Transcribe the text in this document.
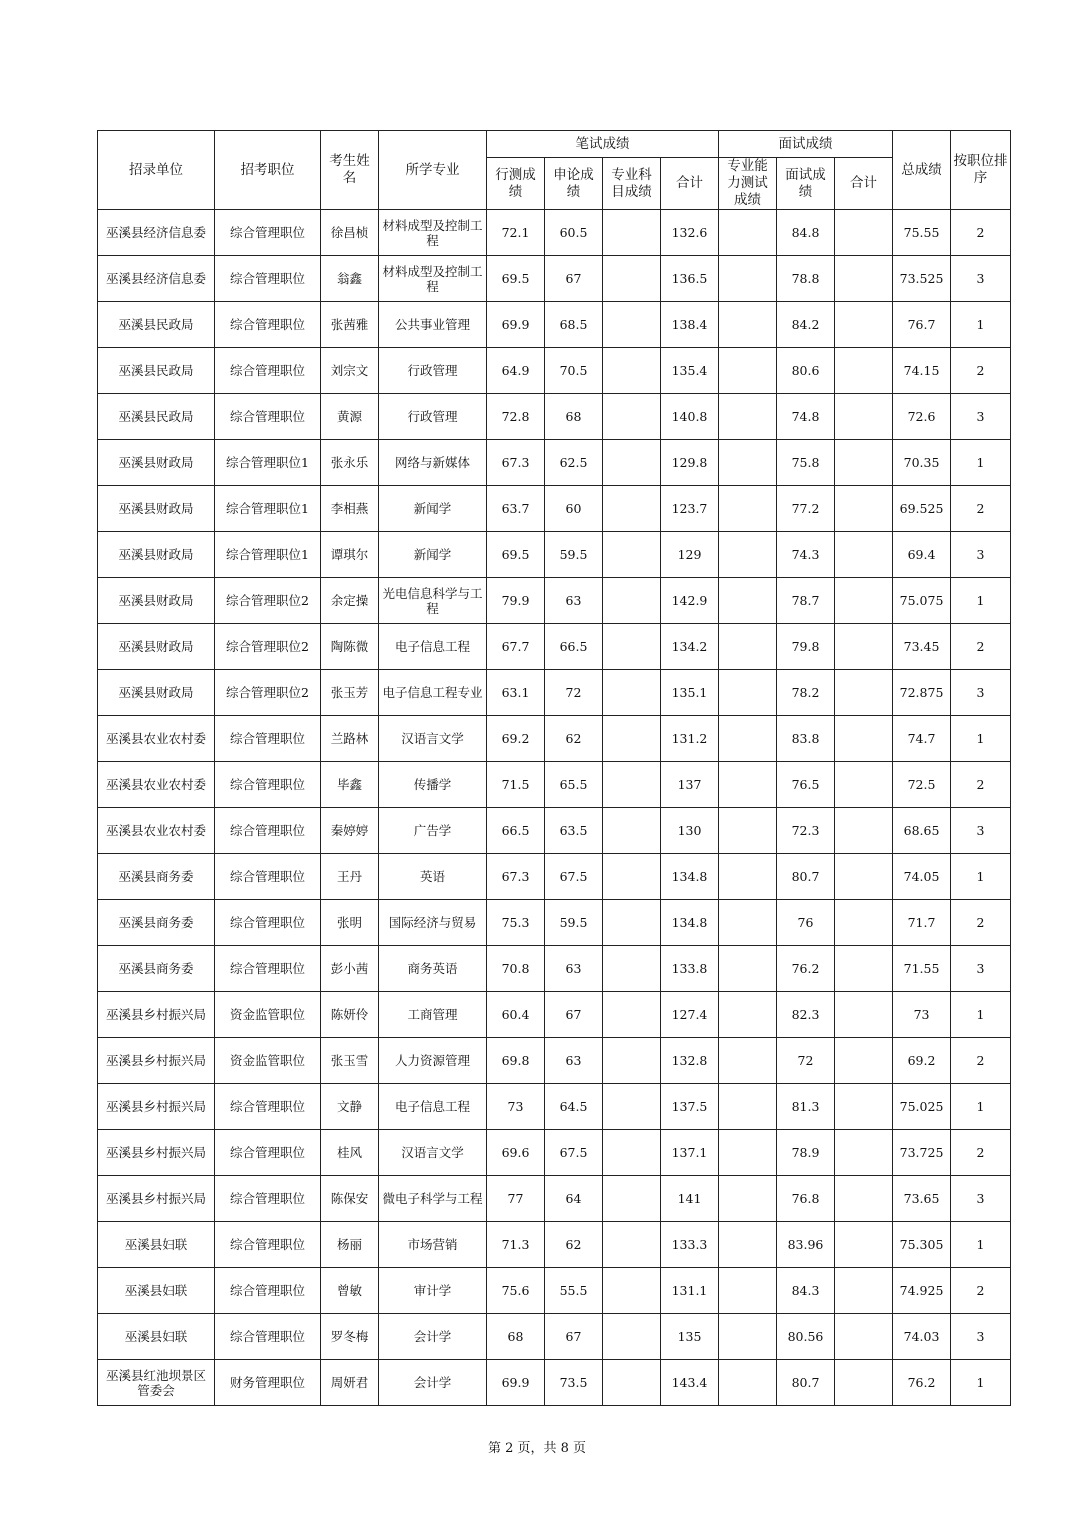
招录单位	招考职位	考生姓名	所学专业	笔试成绩				面试成绩			总成绩	按职位排序
				行测成绩	申论成绩	专业科目成绩	合计	专业能力测试成绩	面试成绩	合计		
巫溪县经济信息委	综合管理职位	徐昌桢	材料成型及控制工程	72.1	60.5		132.6		84.8		75.55	2
巫溪县经济信息委	综合管理职位	翁鑫	材料成型及控制工程	69.5	67		136.5		78.8		73.525	3
巫溪县民政局	综合管理职位	张茜雅	公共事业管理	69.9	68.5		138.4		84.2		76.7	1
巫溪县民政局	综合管理职位	刘宗文	行政管理	64.9	70.5		135.4		80.6		74.15	2
巫溪县民政局	综合管理职位	黄源	行政管理	72.8	68		140.8		74.8		72.6	3
巫溪县财政局	综合管理职位1	张永乐	网络与新媒体	67.3	62.5		129.8		75.8		70.35	1
巫溪县财政局	综合管理职位1	李相燕	新闻学	63.7	60		123.7		77.2		69.525	2
巫溪县财政局	综合管理职位1	谭琪尔	新闻学	69.5	59.5		129		74.3		69.4	3
巫溪县财政局	综合管理职位2	余定操	光电信息科学与工程	79.9	63		142.9		78.7		75.075	1
巫溪县财政局	综合管理职位2	陶陈微	电子信息工程	67.7	66.5		134.2		79.8		73.45	2
巫溪县财政局	综合管理职位2	张玉芳	电子信息工程专业	63.1	72		135.1		78.2		72.875	3
巫溪县农业农村委	综合管理职位	兰路林	汉语言文学	69.2	62		131.2		83.8		74.7	1
巫溪县农业农村委	综合管理职位	毕鑫	传播学	71.5	65.5		137		76.5		72.5	2
巫溪县农业农村委	综合管理职位	秦婷婷	广告学	66.5	63.5		130		72.3		68.65	3
巫溪县商务委	综合管理职位	王丹	英语	67.3	67.5		134.8		80.7		74.05	1
巫溪县商务委	综合管理职位	张明	国际经济与贸易	75.3	59.5		134.8		76		71.7	2
巫溪县商务委	综合管理职位	彭小茜	商务英语	70.8	63		133.8		76.2		71.55	3
巫溪县乡村振兴局	资金监管职位	陈妍伶	工商管理	60.4	67		127.4		82.3		73	1
巫溪县乡村振兴局	资金监管职位	张玉雪	人力资源管理	69.8	63		132.8		72		69.2	2
巫溪县乡村振兴局	综合管理职位	文静	电子信息工程	73	64.5		137.5		81.3		75.025	1
巫溪县乡村振兴局	综合管理职位	桂风	汉语言文学	69.6	67.5		137.1		78.9		73.725	2
巫溪县乡村振兴局	综合管理职位	陈保安	微电子科学与工程	77	64		141		76.8		73.65	3
巫溪县妇联	综合管理职位	杨丽	市场营销	71.3	62		133.3		83.96		75.305	1
巫溪县妇联	综合管理职位	曾敏	审计学	75.6	55.5		131.1		84.3		74.925	2
巫溪县妇联	综合管理职位	罗冬梅	会计学	68	67		135		80.56		74.03	3
巫溪县红池坝景区管委会	财务管理职位	周妍君	会计学	69.9	73.5		143.4		80.7		76.2	1
第 2 页，共 8 页
